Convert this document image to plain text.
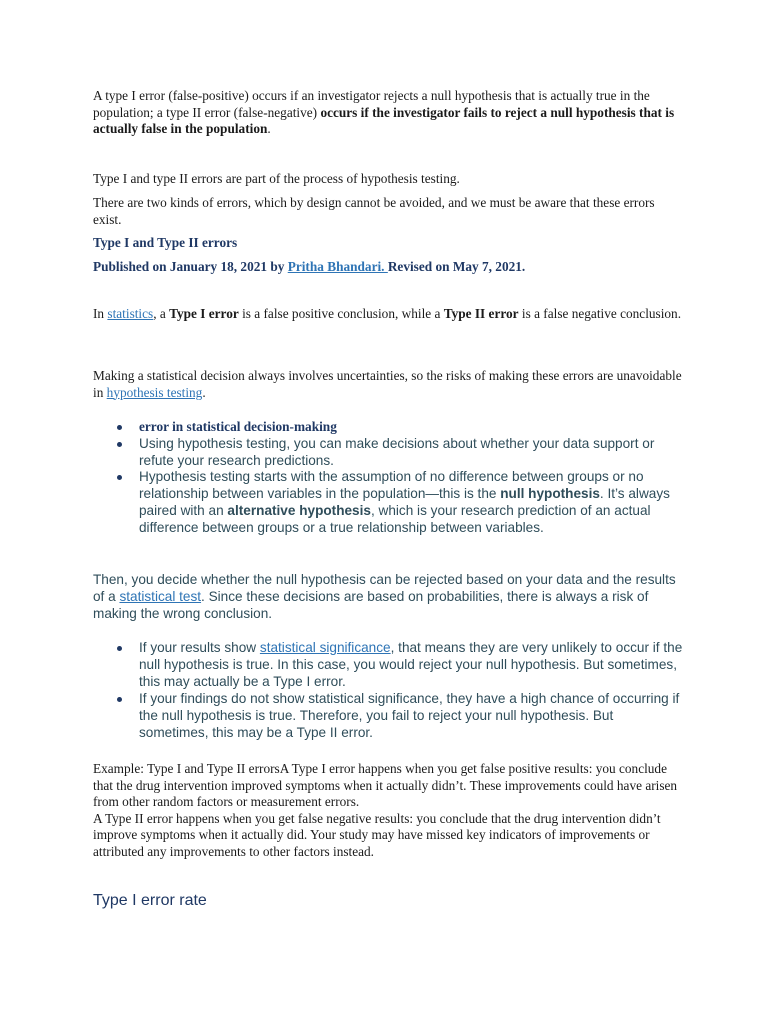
A type I error (false-positive) occurs if an investigator rejects a null hypothesis that is actually true in the population; a type II error (false-negative) occurs if the investigator fails to reject a null hypothesis that is actually false in the population.

Type I and type II errors are part of the process of hypothesis testing.

There are two kinds of errors, which by design cannot be avoided, and we must be aware that these errors exist.

Type I and Type II errors

Published on January 18, 2021 by Pritha Bhandari. Revised on May 7, 2021.

In statistics, a Type I error is a false positive conclusion, while a Type II error is a false negative conclusion.

Making a statistical decision always involves uncertainties, so the risks of making these errors are unavoidable in hypothesis testing.

error in statistical decision-making
Using hypothesis testing, you can make decisions about whether your data support or refute your research predictions.
Hypothesis testing starts with the assumption of no difference between groups or no relationship between variables in the population—this is the null hypothesis. It’s always paired with an alternative hypothesis, which is your research prediction of an actual difference between groups or a true relationship between variables.

Then, you decide whether the null hypothesis can be rejected based on your data and the results of a statistical test. Since these decisions are based on probabilities, there is always a risk of making the wrong conclusion.

If your results show statistical significance, that means they are very unlikely to occur if the null hypothesis is true. In this case, you would reject your null hypothesis. But sometimes, this may actually be a Type I error.
If your findings do not show statistical significance, they have a high chance of occurring if the null hypothesis is true. Therefore, you fail to reject your null hypothesis. But sometimes, this may be a Type II error.
Example: Type I and Type II errorsA Type I error happens when you get false positive results: you conclude that the drug intervention improved symptoms when it actually didn’t. These improvements could have arisen from other random factors or measurement errors.
A Type II error happens when you get false negative results: you conclude that the drug intervention didn’t improve symptoms when it actually did. Your study may have missed key indicators of improvements or attributed any improvements to other factors instead.

Type I error rate
